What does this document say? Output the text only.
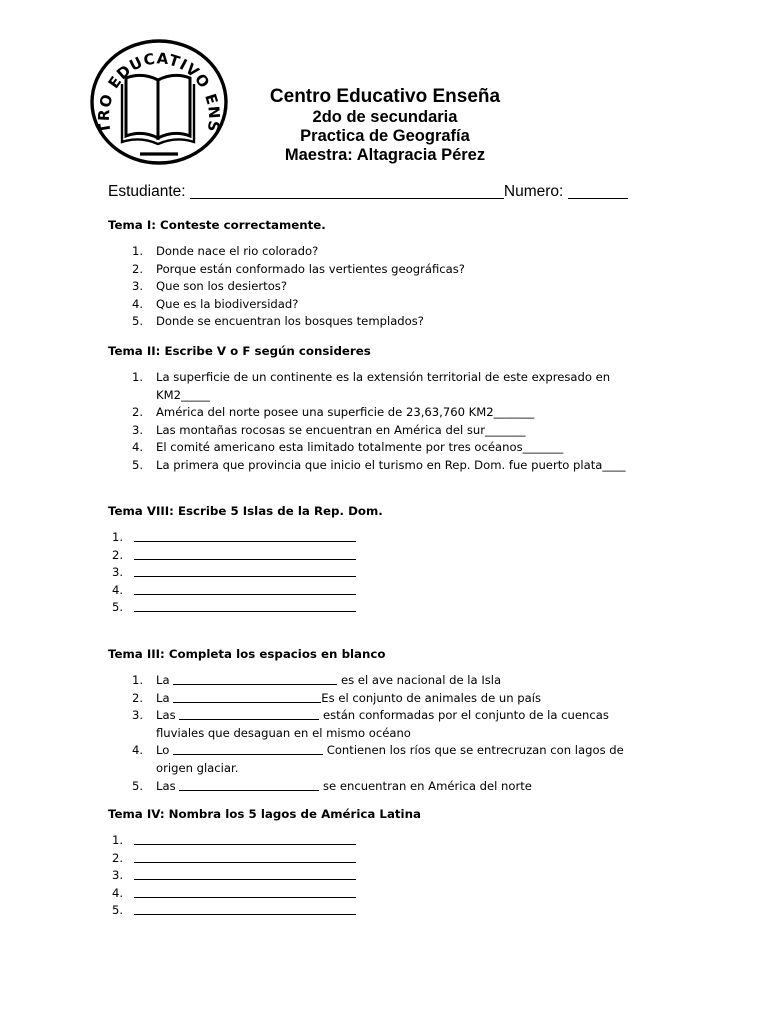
TRO EDUCATIVO ENS
Centro Educativo Enseña
2do de secundaria
Practica de Geografía
Maestra: Altagracia Pérez
Estudiante:	Numero:
Tema I: Conteste correctamente.
1. Donde nace el rio colorado?
2. Porque están conformado las vertientes geográficas?
3. Que son los desiertos?
4. Que es la biodiversidad?
5. Donde se encuentran los bosques templados?
Tema II: Escribe V o F según consideres
1. La superficie de un continente es la extensión territorial de este expresado en KM2_____
2. América del norte posee una superficie de 23,63,760 KM2_______
3. Las montañas rocosas se encuentran en América del sur_______
4. El comité americano esta limitado totalmente por tres océanos_______
5. La primera que provincia que inicio el turismo en Rep. Dom. fue puerto plata____
Tema VIII: Escribe 5 Islas de la Rep. Dom.
1.
2.
3.
4.
5.
Tema III: Completa los espacios en blanco
1. La	es el ave nacional de la Isla
2. La	Es el conjunto de animales de un país
3. Las	están conformadas por el conjunto de la cuencas fluviales que desaguan en el mismo océano
4. Lo	Contienen los ríos que se entrecruzan con lagos de origen glaciar.
5. Las	se encuentran en América del norte
Tema IV: Nombra los 5 lagos de América Latina
1.
2.
3.
4.
5.
